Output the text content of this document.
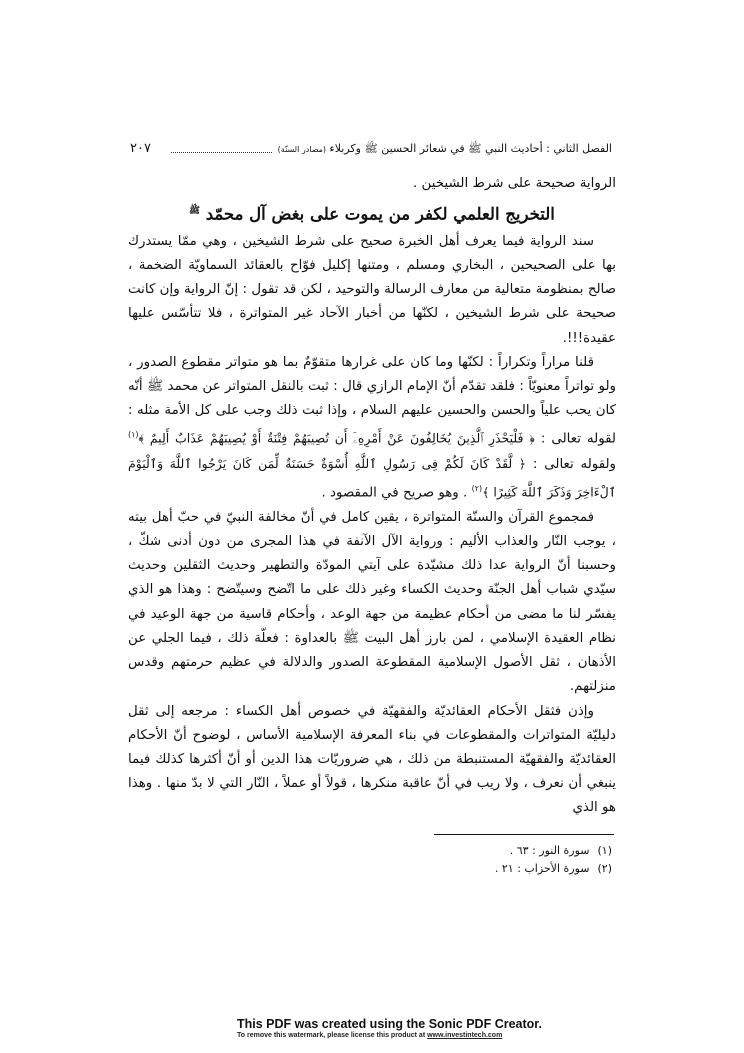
الفصل الثاني : أحاديث النبي ﷺ في شعائر الحسين ﷺ وكربلاء (مصادر السنّة)
٢٠٧

الرواية صحيحة على شرط الشيخين .

التخريج العلمي لكفر من يموت على بغض آل محمّد $^ﷺ$

سند الرواية فيما يعرف أهل الخبرة صحيح على شرط الشيخين ، وهي ممّا يستدرك بها على الصحيحين ، البخاري ومسلم ، ومتنها إكليل فوّاح بالعقائد السماويّة الضخمة ، صالح بمنظومة متعالية من معارف الرسالة والتوحيد ، لكن قد تقول : إنّ الرواية وإن كانت صحيحة على شرط الشيخين ، لكنّها من أخبار الآحاد غير المتواترة ، فلا تتأسّس عليها عقيدة!!!.

قلنا مراراً وتكراراً : لكنّها وما كان على غرارها متقوّمٌ بما هو متواتر مقطوع الصدور ، ولو تواتراً معنويّاً : فلقد تقدّم أنّ الإمام الرازي قال : ثبت بالنقل المتواتر عن محمد ﷺ أنّه كان يحب علياً والحسن والحسين عليهم السلام ، وإذا ثبت ذلك وجب على كل الأمة مثله : لقوله تعالى : ﴿ فَلْيَحْذَرِ ٱلَّذِينَ يُخَالِفُونَ عَنْ أَمْرِهِۦٓ أَن تُصِيبَهُمْ فِتْنَةٌ أَوْ يُصِيبَهُمْ عَذَابٌ أَلِيمٌ ﴾$^{(١)}$ ولقوله تعالى : ﴿ لَّقَدْ كَانَ لَكُمْ فِى رَسُولِ ٱللَّهِ أُسْوَةٌ حَسَنَةٌ لِّمَن كَانَ يَرْجُوا ٱللَّهَ وَٱلْيَوْمَ ٱلْءَاخِرَ وَذَكَرَ ٱللَّهَ كَثِيرًا ﴾$^{(٢)}$ . وهو صريح في المقصود .

فمجموع القرآن والسنّة المتواترة ، يقين كامل في أنّ مخالفة النبيّ في حبّ أهل بيته ، يوجب النّار والعذاب الأليم : ورواية الآل الآنفة في هذا المجرى من دون أدنى شكّ ، وحسبنا أنّ الرواية عدا ذلك مشيّدة على آيتي المودّة والتطهير وحديث الثقلين وحديث سيّدي شباب أهل الجنّة وحديث الكساء وغير ذلك على ما اتّضح وسيتّضح : وهذا هو الذي يفسّر لنا ما مضى من أحكام عظيمة من جهة الوعد ، وأحكام قاسية من جهة الوعيد في نظام العقيدة الإسلامي ، لمن بارز أهل البيت ﷺ بالعداوة : فعلّة ذلك ، فيما الجلي عن الأذهان ، ثقل الأصول الإسلامية المقطوعة الصدور والدلالة في عظيم حرمتهم وقدس منزلتهم.

وإذن فثقل الأحكام العقائديّة والفقهيّة في خصوص أهل الكساء : مرجعه إلى ثقل دليليّة المتواترات والمقطوعات في بناء المعرفة الإسلامية الأساس ، لوضوح أنّ الأحكام العقائديّة والفقهيّة المستنبطة من ذلك ، هي ضروريّات هذا الدين أو أنّ أكثرها كذلك فيما ينبغي أن نعرف ، ولا ريب في أنّ عاقبة منكرها ، قولاً أو عملاً ، النّار التي لا بدّ منها . وهذا هو الذي

(١)
سورة النور : ٦٣ .
(٢)
سورة الأحزاب : ٢١ .
This PDF was created using the Sonic PDF Creator.
To remove this watermark, please license this product at www.investintech.com
